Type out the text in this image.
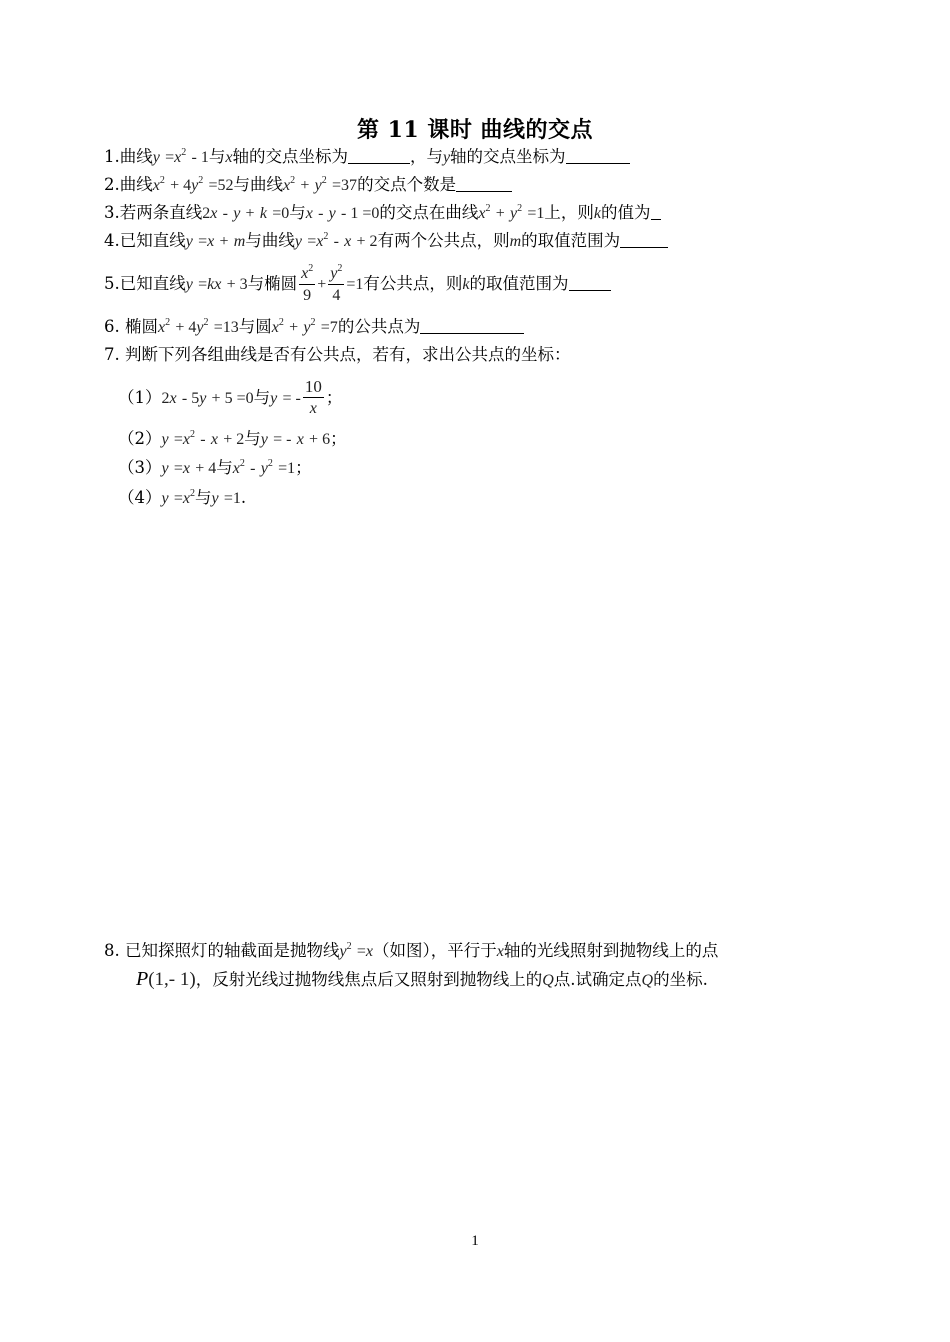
第 11 课时 曲线的交点
1.曲线$y =x^2 - 1$与x轴的交点坐标为	，与y轴的交点坐标为
2.曲线$x^2 + 4y^2 =52$与曲线$x^2 + y^2 =37$的交点个数是
3.若两条直线2x - y + k =0与x - y - 1 =0的交点在曲线$x^2 + y^2 =1$上，则k的值为
4.已知直线y =x + m与曲线$y =x^2 - x + 2$有两个公共点，则m的取值范围为
5.已知直线y =kx + 3与椭圆 $\frac{x^2}{9} + \frac{y^2}{4} =1$有公共点，则k的取值范围为
6. 椭圆$x^2 + 4y^2 =13$与圆$x^2 + y^2 =7$的公共点为
7. 判断下列各组曲线是否有公共点，若有，求出公共点的坐标：
（1）2x - 5y + 5 =0与y = - $\frac{10}{x}$ ；
$(2)y =x^2 - x + 2$与y = - x + 6；
（3）y =x + 4与$x^2 - y^2 =1$；
$(4)y =x^2$与y =1.
8. 已知探照灯的轴截面是抛物线$y^2 =x$（如图），平行于x轴的光线照射到抛物线上的点
P(1,- 1)，反射光线过抛物线焦点后又照射到抛物线上的Q点.试确定点Q的坐标.
1
